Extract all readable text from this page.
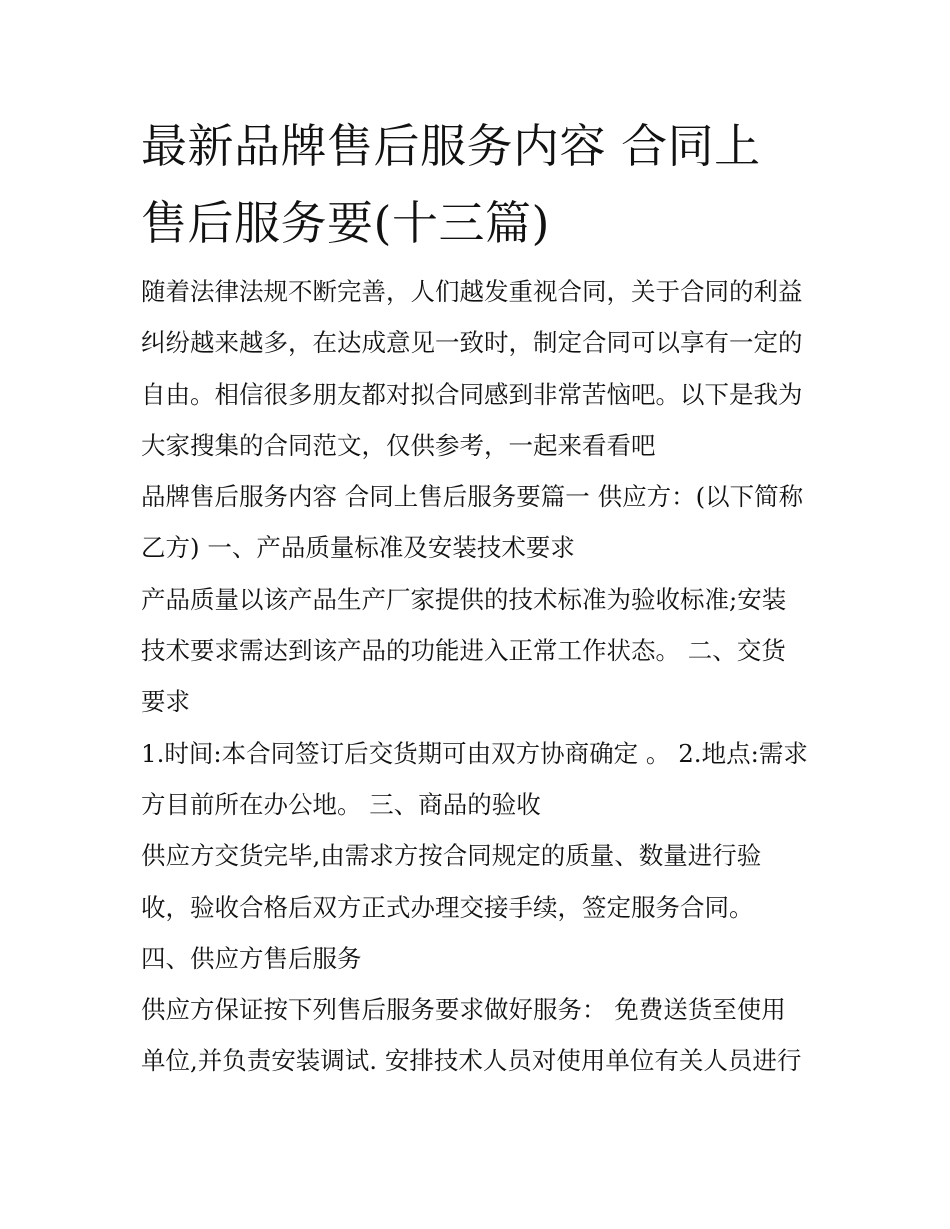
最新品牌售后服务内容 合同上
售后服务要(十三篇)

随着法律法规不断完善，人们越发重视合同，关于合同的利益
纠纷越来越多，在达成意见一致时，制定合同可以享有一定的
自由。相信很多朋友都对拟合同感到非常苦恼吧。以下是我为
大家搜集的合同范文，仅供参考，一起来看看吧

品牌售后服务内容 合同上售后服务要篇一 供应方：(以下简称
乙方) 一、产品质量标准及安装技术要求

产品质量以该产品生产厂家提供的技术标准为验收标准;安装
技术要求需达到该产品的功能进入正常工作状态。 二、交货
要求

1.时间:本合同签订后交货期可由双方协商确定 。 2.地点:需求
方目前所在办公地。 三、商品的验收

供应方交货完毕,由需求方按合同规定的质量、数量进行验
收，验收合格后双方正式办理交接手续，签定服务合同。

四、供应方售后服务

供应方保证按下列售后服务要求做好服务： 免费送货至使用
单位,并负责安装调试. 安排技术人员对使用单位有关人员进行
